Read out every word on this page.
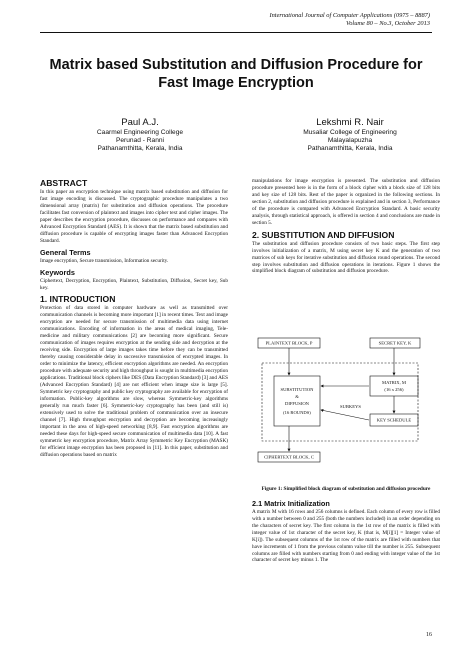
International Journal of Computer Applications (0975 – 8887)
Volume 80 – No.3, October 2013
Matrix based Substitution and Diffusion Procedure for Fast Image Encryption
Paul A.J.
Caarmel Engineering College
Perunad - Ranni
Pathanamthitta, Kerala, India
Lekshmi R. Nair
Musaliar College of Engineering
Malayalapuzha
Pathanamthitta, Kerala, India
ABSTRACT

In this paper an encryption technique using matrix based substitution and diffusion for fast image encoding is discussed. The cryptographic procedure manipulates a two dimensional array (matrix) for substitution and diffusion operations. The procedure facilitates fast conversion of plaintext and images into cipher text and cipher images. The paper describes the encryption procedure, discusses on performance and compares with Advanced Encryption Standard (AES). It is shown that the matrix based substitution and diffusion procedure is capable of encrypting images faster than Advanced Encryption Standard.

General Terms

Image encryption, Secure transmission, Information security.

Keywords

Ciphertext, Decryption, Encryption, Plaintext, Substitution, Diffusion, Secret key, Sub key.

1. INTRODUCTION

Protection of data stored in computer hardware as well as transmitted over communication channels is becoming more important [1] in recent times. Text and image encryption are needed for secure transmission of multimedia data using internet communications. Encoding of information in the areas of medical imaging, Tele-medicine and military communications [2] are becoming more significant. Secure communication of images requires encryption at the sending side and decryption at the receiving side. Encryption of large images takes time before they can be transmitted thereby causing considerable delay in successive transmission of encrypted images. In order to minimize the latency, efficient encryption algorithms are needed. An encryption procedure with adequate security and high throughput is sought in multimedia encryption applications. Traditional block ciphers like DES (Data Encryption Standard) [3] and AES (Advanced Encryption Standard) [4] are not efficient when image size is large [5]. Symmetric key cryptography and public key cryptography are available for encryption of information. Public-key algorithms are slow, whereas Symmetric-key algorithms generally run much faster [6]. Symmetric-key cryptography has been (and still is) extensively used to solve the traditional problem of communication over an insecure channel [7]. High throughput encryption and decryption are becoming increasingly important in the area of high-speed networking [8,9]. Fast encryption algorithms are needed these days for high-speed secure communication of multimedia data [10]. A fast symmetric key encryption procedure, Matrix Array Symmetric Key Encryption (MASK) for efficient image encryption has been proposed in [11]. In this paper, substitution and diffusion operations based on matrix

manipulations for image encryption is presented. The substitution and diffusion procedure presented here is in the form of a block cipher with a block size of 128 bits and key size of 128 bits. Rest of the paper is organized in the following sections. In section 2, substitution and diffusion procedure is explained and in section 3, Performance of the procedure is compared with Advanced Encryption Standard. A basic security analysis, through statistical approach, is offered in section 4 and conclusions are made in section 5.

2. SUBSTITUTION AND DIFFUSION

The substitution and diffusion procedure consists of two basic steps. The first step involves initialization of a matrix, M using secret key K and the generation of two matrices of sub keys for iterative substitution and diffusion round operations. The second step involves substitution and diffusion operations in iterations. Figure 1 shows the simplified block diagram of substitution and diffusion procedure.

PLAINTEXT BLOCK, P	SECRET KEY, K
SUBSTITUTION
&
DIFFUSION
(16 ROUNDS)
MATRIX, M
(16 x 256)
KEY SCHEDULE
SUBKEYS
CIPHERTEXT BLOCK, C
Figure 1: Simplified block diagram of substitution and diffusion procedure
2.1 Matrix Initialization

A matrix M with 16 rows and 256 columns is defined. Each column of every row is filled with a number between 0 and 255 (both the numbers included) in an order depending on the characters of secret key. The first column in the 1st row of the matrix is filled with integer value of 1st character of the secret key, K (that is, M[i][1] = Integer value of K[i]). The subsequent columns of the 1st row of the matrix are filled with numbers that have increments of 1 from the previous column value till the number is 255. Subsequent columns are filled with numbers starting from 0 and ending with integer value of the 1st character of secret key minus 1. The

16
